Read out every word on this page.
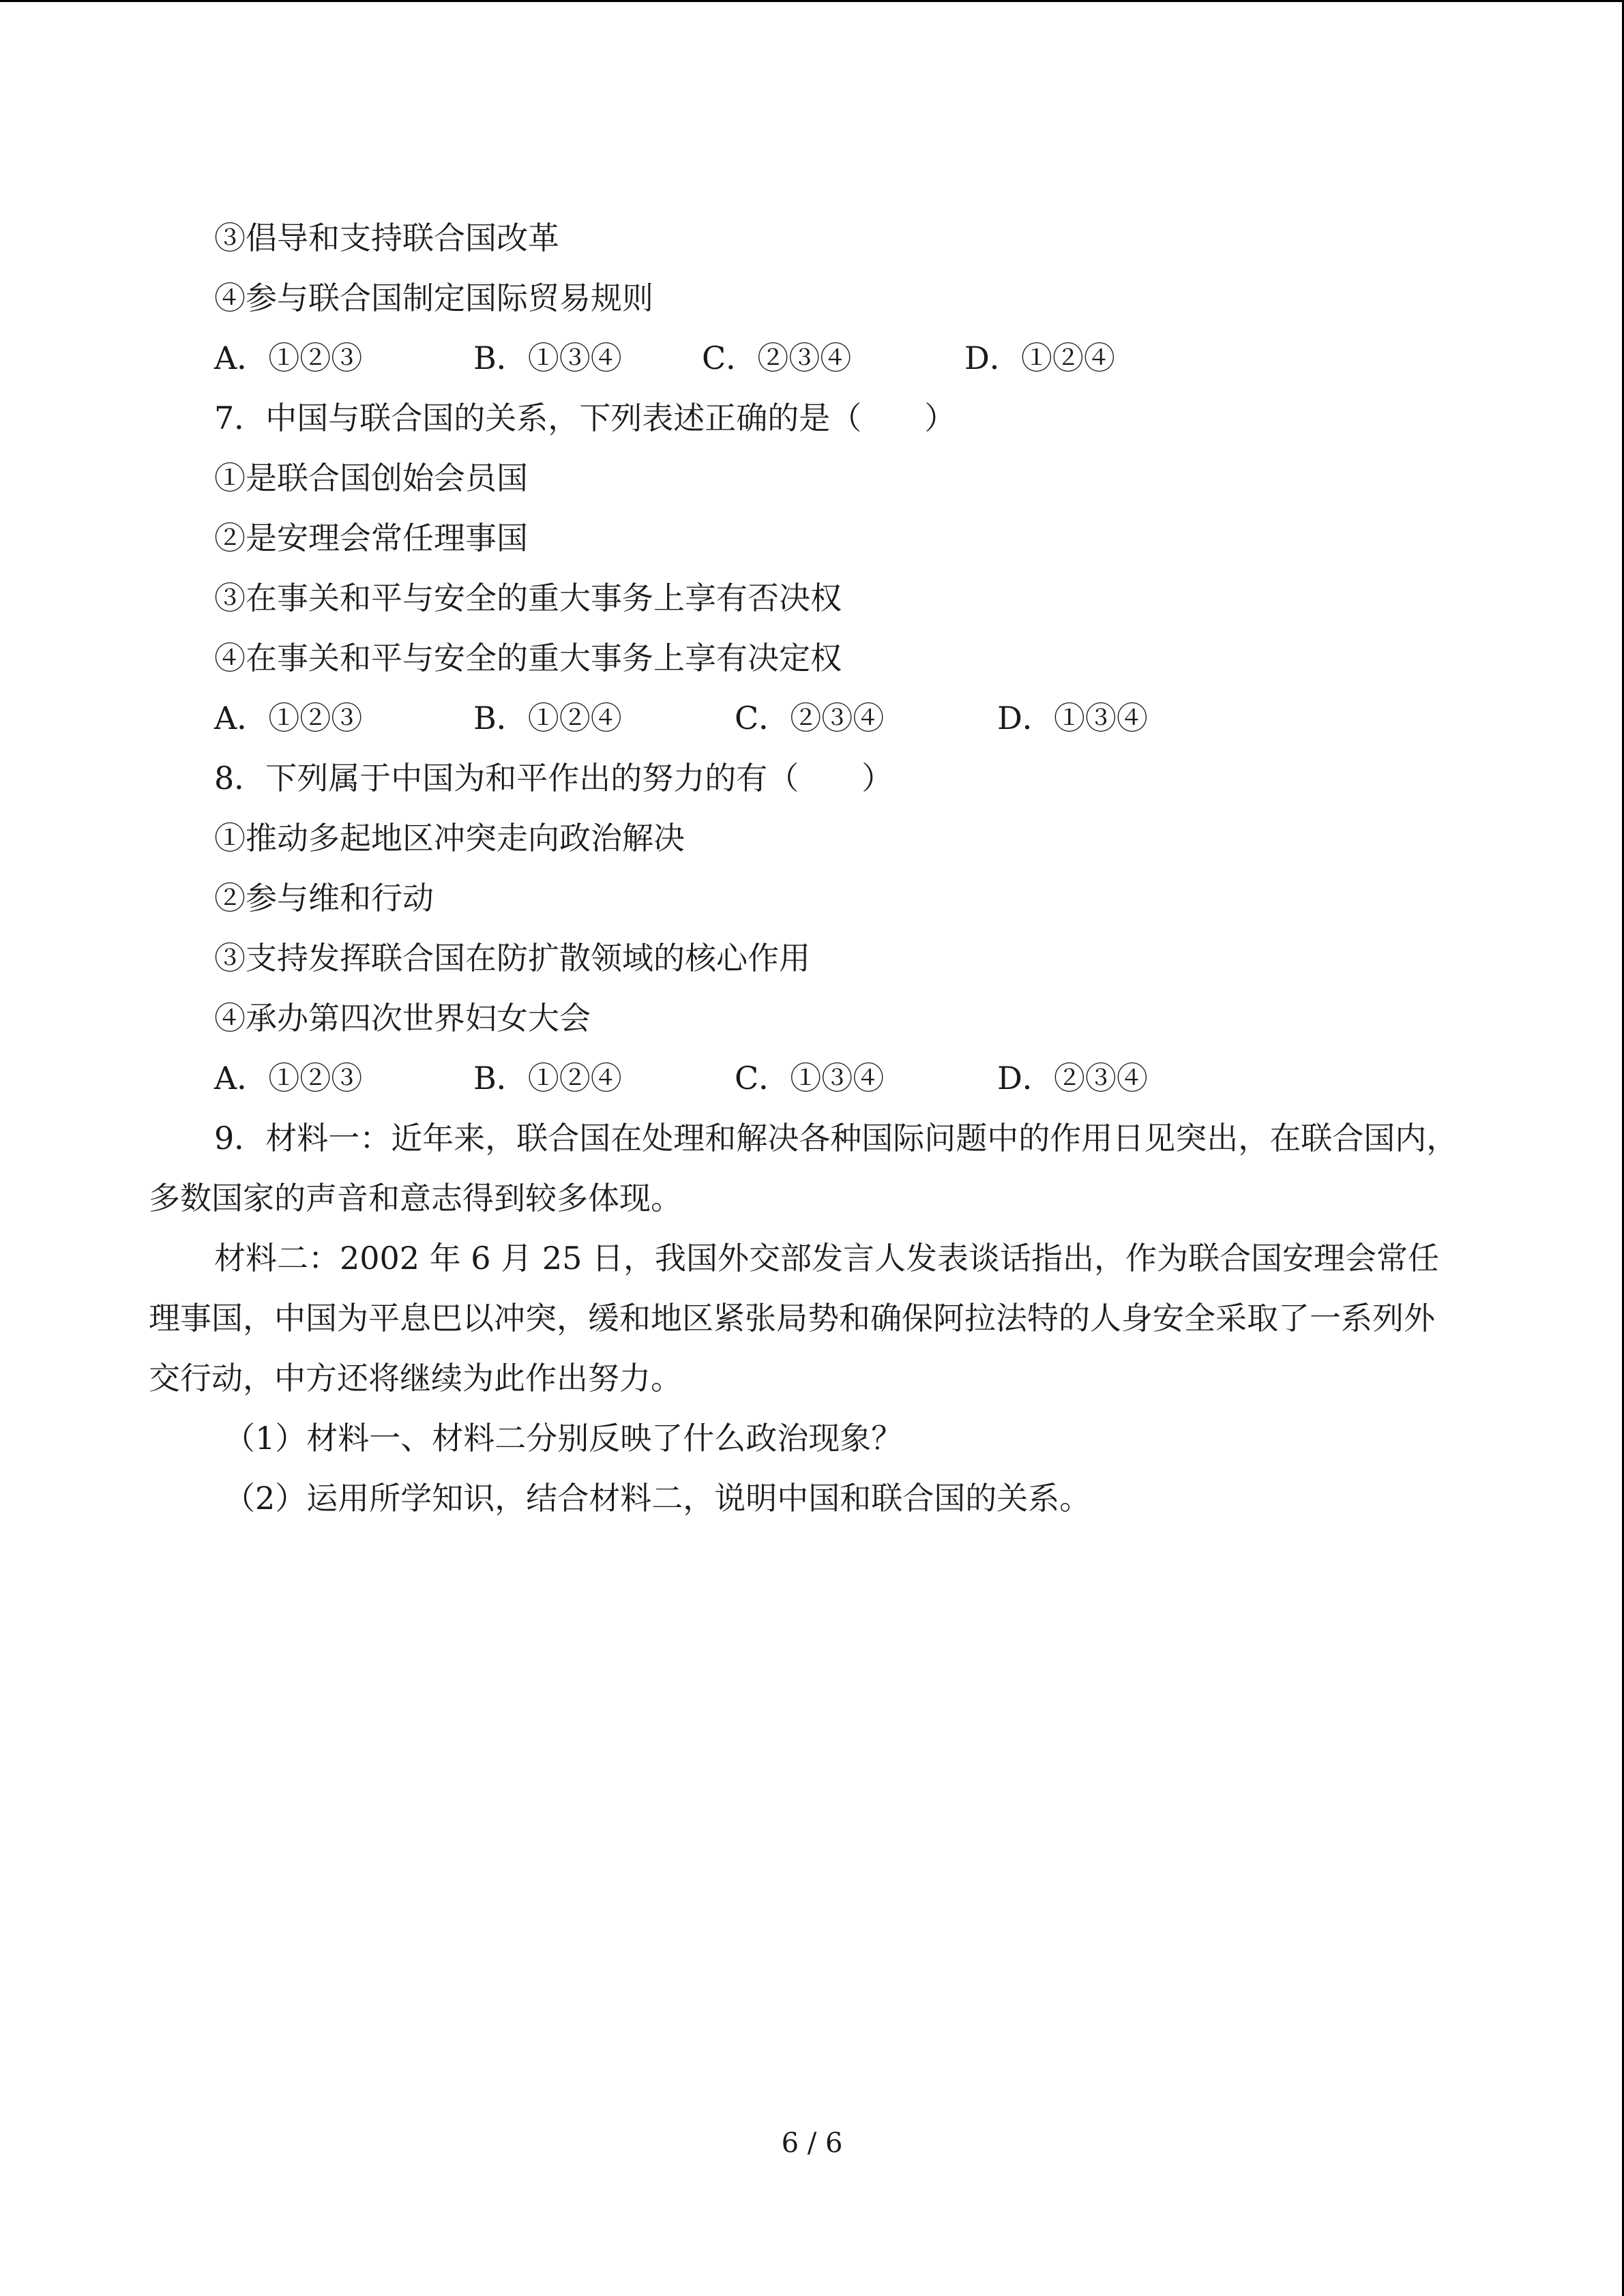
③倡导和支持联合国改革
④参与联合国制定国际贸易规则
A．①②③	B．①③④	C．②③④	D．①②④
7．中国与联合国的关系，下列表述正确的是（　　）
①是联合国创始会员国
②是安理会常任理事国
③在事关和平与安全的重大事务上享有否决权
④在事关和平与安全的重大事务上享有决定权
A．①②③	B．①②④	C．②③④	D．①③④
8．下列属于中国为和平作出的努力的有（　　）
①推动多起地区冲突走向政治解决
②参与维和行动
③支持发挥联合国在防扩散领域的核心作用
④承办第四次世界妇女大会
A．①②③	B．①②④	C．①③④	D．②③④
9．材料一：近年来，联合国在处理和解决各种国际问题中的作用日见突出，在联合国内，多数国家的声音和意志得到较多体现。
材料二：2002 年 6 月 25 日，我国外交部发言人发表谈话指出，作为联合国安理会常任理事国，中国为平息巴以冲突，缓和地区紧张局势和确保阿拉法特的人身安全采取了一系列外交行动，中方还将继续为此作出努力。
（1）材料一、材料二分别反映了什么政治现象？
（2）运用所学知识，结合材料二，说明中国和联合国的关系。
6 / 6
